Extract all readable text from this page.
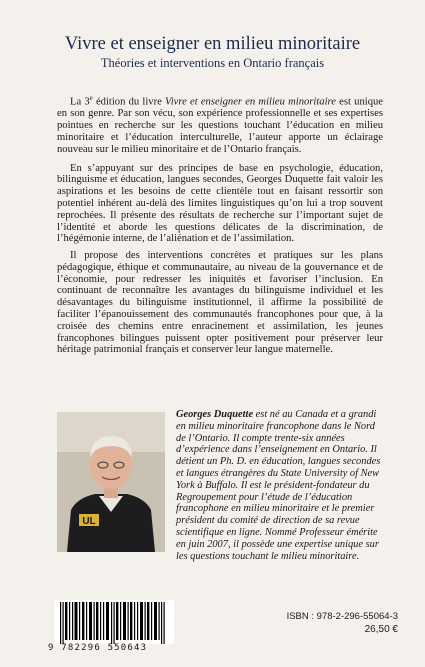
Vivre et enseigner en milieu minoritaire
Théories et interventions en Ontario français

La 3e édition du livre Vivre et enseigner en milieu minoritaire est unique en son genre. Par son vécu, son expérience professionnelle et ses expertises pointues en recherche sur les questions touchant l’éducation en milieu minoritaire et l’éducation interculturelle, l’auteur apporte un éclairage nouveau sur le milieu minoritaire et de l’Ontario français.

En s’appuyant sur des principes de base en psychologie, éducation, bilinguisme et éducation, langues secondes, Georges Duquette fait valoir les aspirations et les besoins de cette clientèle tout en faisant ressortir son potentiel inhérent au-delà des limites linguistiques qu’on lui a trop souvent reprochées. Il présente des résultats de recherche sur l’important sujet de l’identité et aborde les questions délicates de la discrimination, de l’hégémonie interne, de l’aliénation et de l’assimilation.

Il propose des interventions concrètes et pratiques sur les plans pédagogique, éthique et communautaire, au niveau de la gouvernance et de l’économie, pour redresser les iniquités et favoriser l’inclusion. En continuant de reconnaître les avantages du bilinguisme individuel et les désavantages du bilinguisme institutionnel, il affirme la possibilité de faciliter l’épanouissement des communautés francophones pour que, à la croisée des chemins entre enracinement et assimilation, les jeunes francophones bilingues puissent opter positivement pour préserver leur héritage patrimonial français et conserver leur langue maternelle.

UL
Georges Duquette est né au Canada et a grandi en milieu minoritaire francophone dans le Nord de l’Ontario. Il compte trente-six années d’expérience dans l’enseignement en Ontario. Il détient un Ph. D. en éducation, langues secondes et langues étrangères du State University of New York à Buffalo. Il est le président-fondateur du Regroupement pour l’étude de l’éducation francophone en milieu minoritaire et le premier président du comité de direction de sa revue scientifique en ligne. Nommé Professeur émérite en juin 2007, il possède une expertise unique sur les questions touchant le milieu minoritaire.
9 782296 550643
ISBN : 978-2-296-55064-3
26,50 €
